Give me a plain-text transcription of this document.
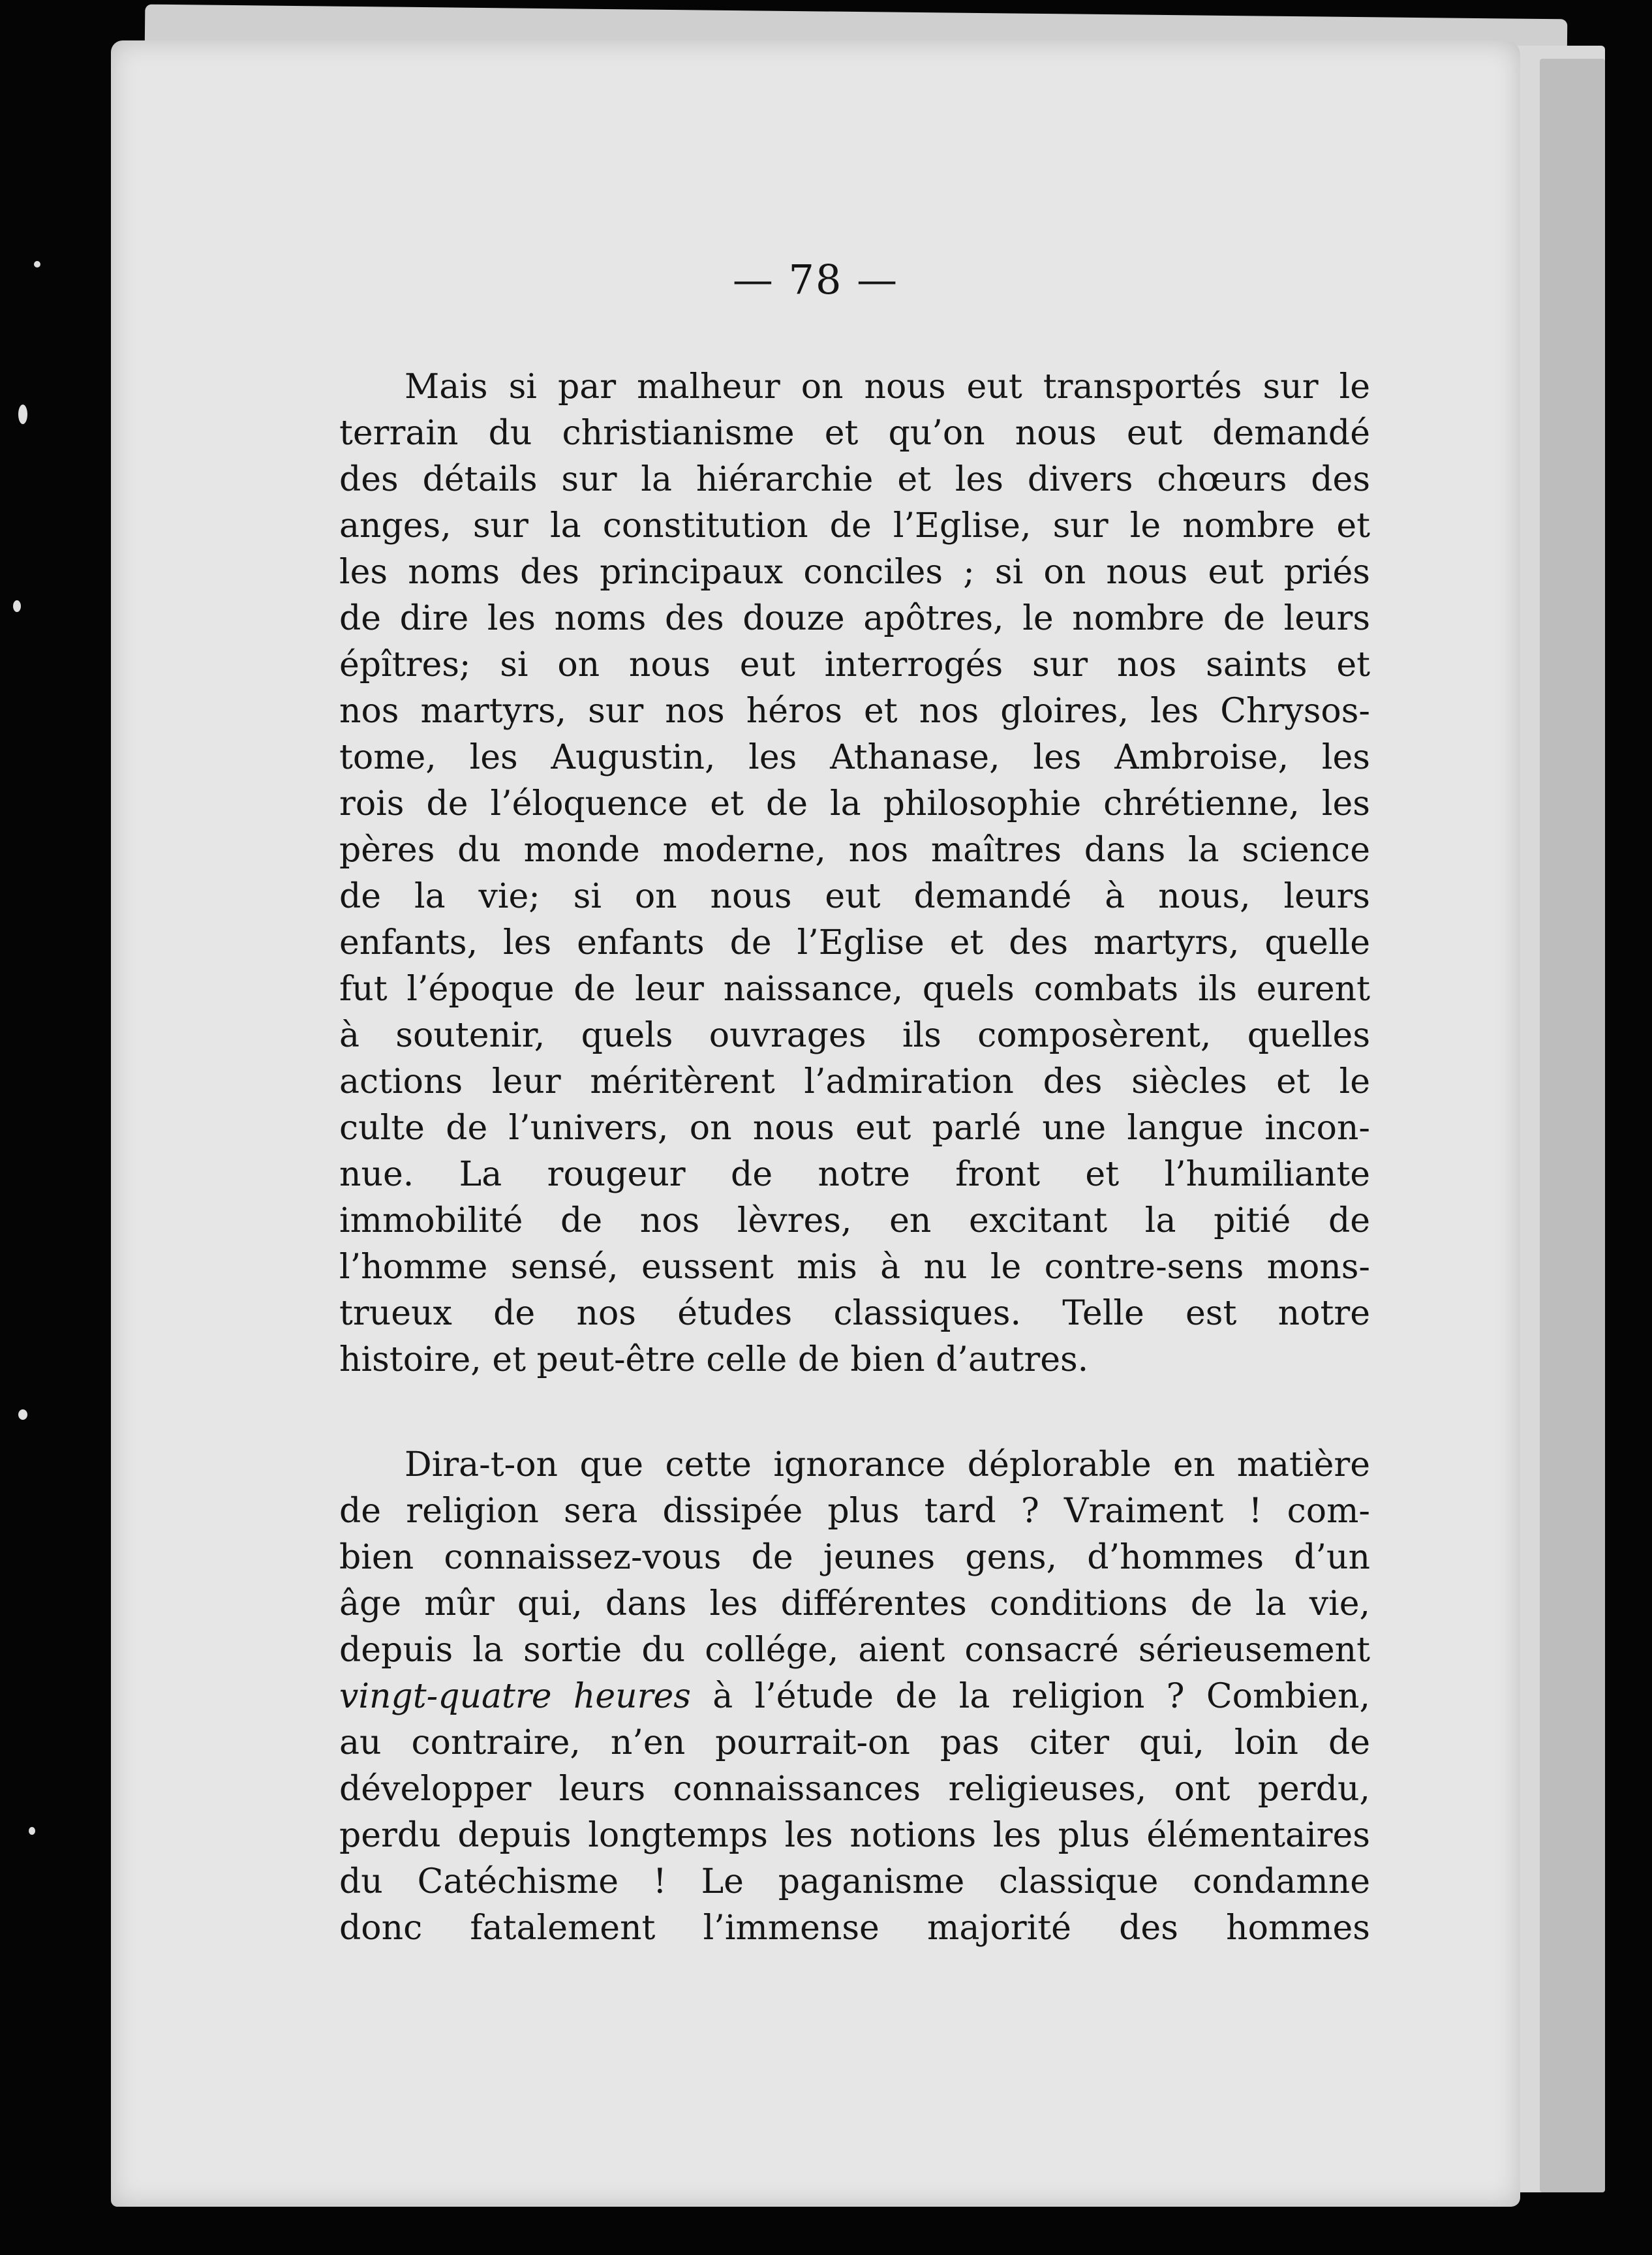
— 78 —
Mais si par malheur on nous eut transportés sur le
terrain du christianisme et qu’on nous eut demandé
des détails sur la hiérarchie et les divers chœurs des
anges, sur la constitution de l’Eglise, sur le nombre et
les noms des principaux conciles ; si on nous eut priés
de dire les noms des douze apôtres, le nombre de leurs
épîtres; si on nous eut interrogés sur nos saints et
nos martyrs, sur nos héros et nos gloires, les Chrysos-
tome, les Augustin, les Athanase, les Ambroise, les
rois de l’éloquence et de la philosophie chrétienne, les
pères du monde moderne, nos maîtres dans la science
de la vie; si on nous eut demandé à nous, leurs
enfants, les enfants de l’Eglise et des martyrs, quelle
fut l’époque de leur naissance, quels combats ils eurent
à soutenir, quels ouvrages ils composèrent, quelles
actions leur méritèrent l’admiration des siècles et le
culte de l’univers, on nous eut parlé une langue incon-
nue. La rougeur de notre front et l’humiliante
immobilité de nos lèvres, en excitant la pitié de
l’homme sensé, eussent mis à nu le contre-sens mons-
trueux de nos études classiques. Telle est notre
histoire, et peut-être celle de bien d’autres.
Dira-t-on que cette ignorance déplorable en matière
de religion sera dissipée plus tard ? Vraiment ! com-
bien connaissez-vous de jeunes gens, d’hommes d’un
âge mûr qui, dans les différentes conditions de la vie,
depuis la sortie du collége, aient consacré sérieusement
vingt-quatre heures à l’étude de la religion ? Combien,
au contraire, n’en pourrait-on pas citer qui, loin de
développer leurs connaissances religieuses, ont perdu,
perdu depuis longtemps les notions les plus élémentaires
du Catéchisme ! Le paganisme classique condamne
donc fatalement l’immense majorité des hommes
